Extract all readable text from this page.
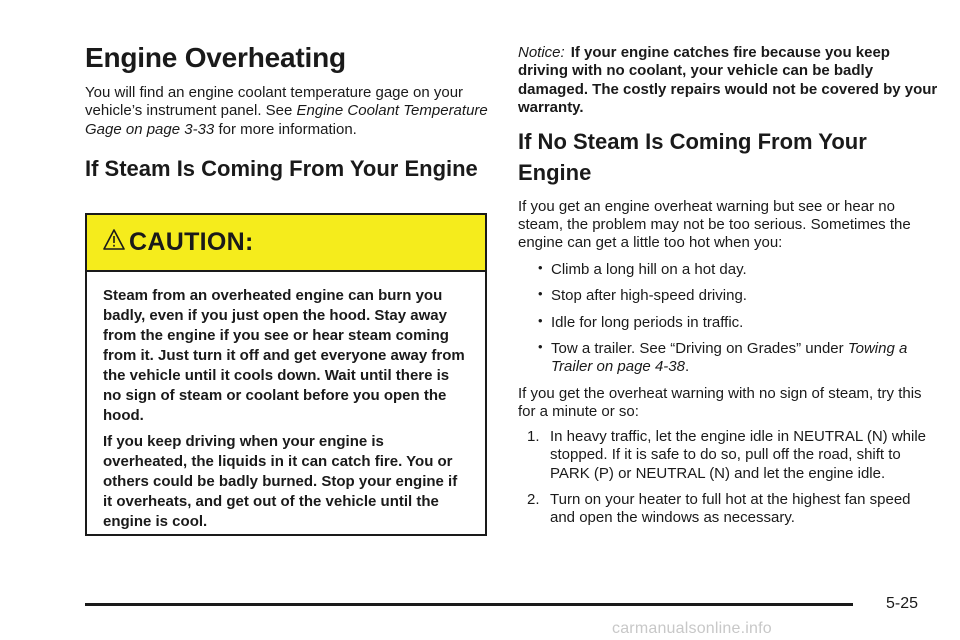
Engine Overheating

You will find an engine coolant temperature gage on your vehicle’s instrument panel. See Engine Coolant Temperature Gage on page 3-33 for more information.

If Steam Is Coming From Your Engine
CAUTION:

Steam from an overheated engine can burn you badly, even if you just open the hood. Stay away from the engine if you see or hear steam coming from it. Just turn it off and get everyone away from the vehicle until it cools down. Wait until there is no sign of steam or coolant before you open the hood.

If you keep driving when your engine is overheated, the liquids in it can catch fire. You or others could be badly burned. Stop your engine if it overheats, and get out of the vehicle until the engine is cool.

Notice: If your engine catches fire because you keep driving with no coolant, your vehicle can be badly damaged. The costly repairs would not be covered by your warranty.

If No Steam Is Coming From Your Engine

If you get an engine overheat warning but see or hear no steam, the problem may not be too serious. Sometimes the engine can get a little too hot when you:

• Climb a long hill on a hot day.
• Stop after high-speed driving.
• Idle for long periods in traffic.
• Tow a trailer. See “Driving on Grades” under Towing a Trailer on page 4-38.

If you get the overheat warning with no sign of steam, try this for a minute or so:

1. In heavy traffic, let the engine idle in NEUTRAL (N) while stopped. If it is safe to do so, pull off the road, shift to PARK (P) or NEUTRAL (N) and let the engine idle.
2. Turn on your heater to full hot at the highest fan speed and open the windows as necessary.
5-25
carmanualsonline.info
